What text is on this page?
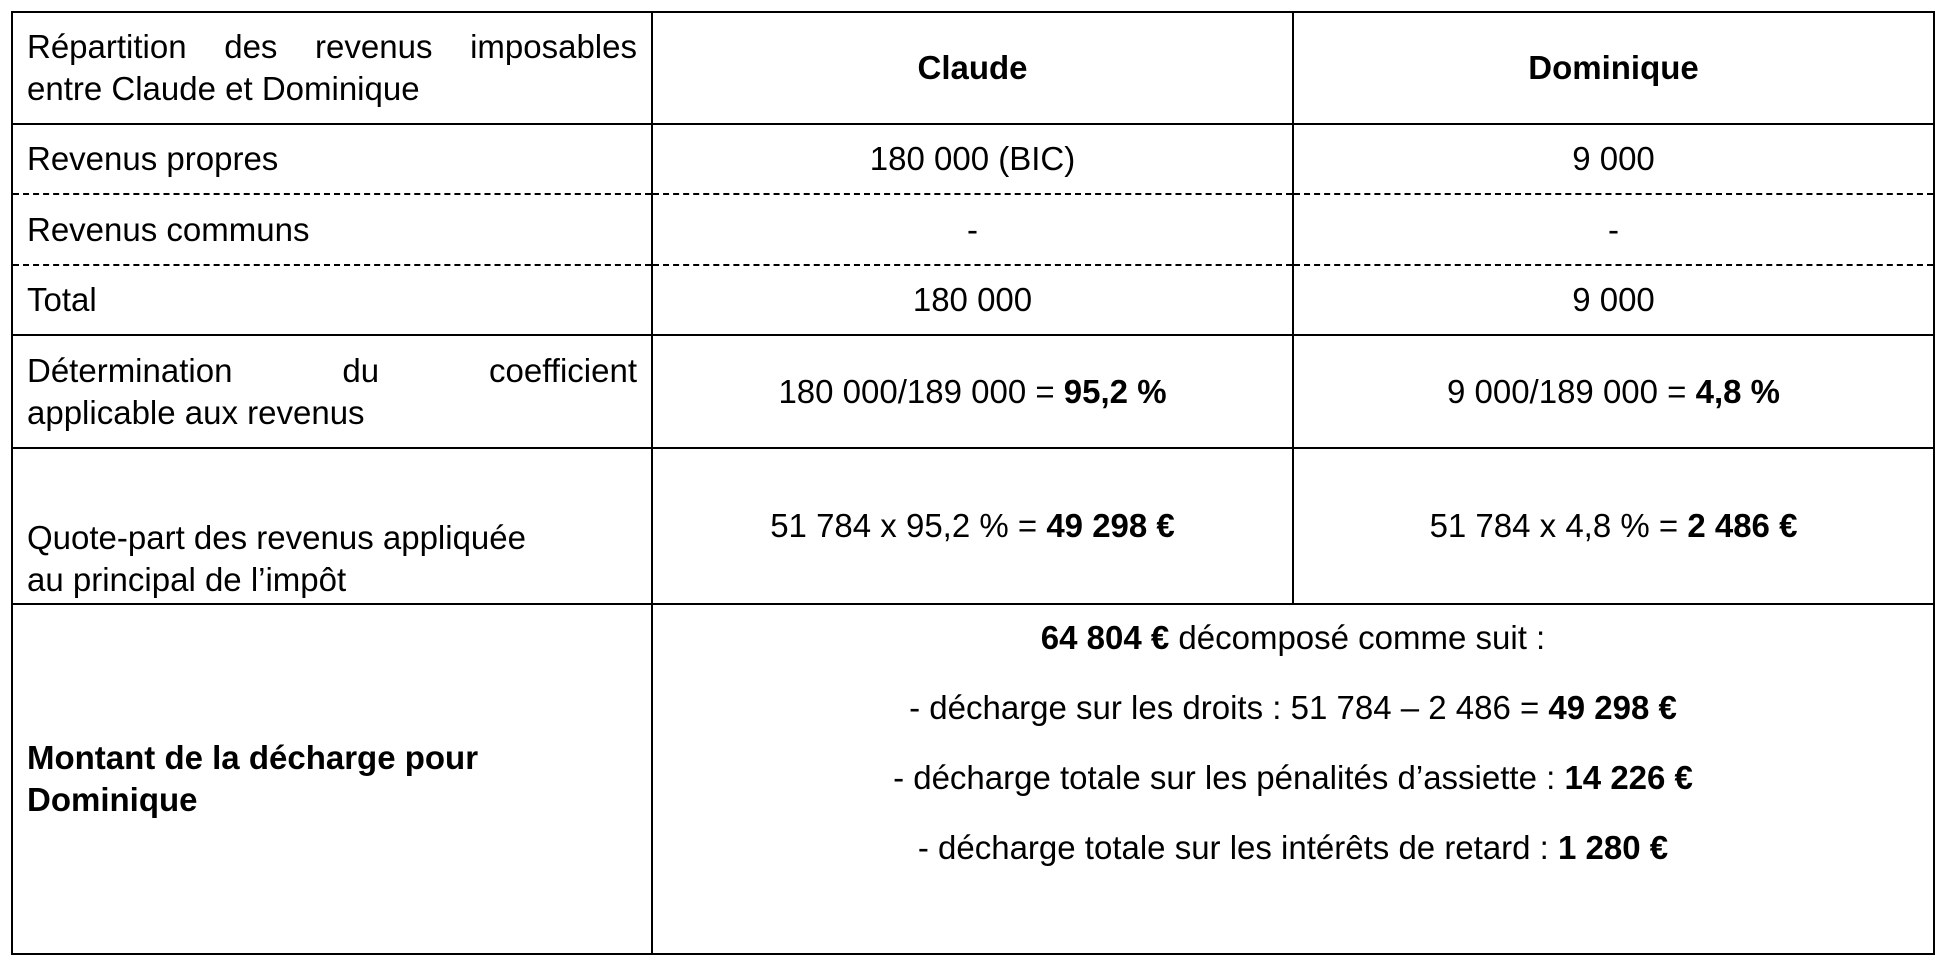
Répartition des revenus imposables
entre Claude et Dominique	Claude	Dominique
Revenus propres	180 000 (BIC)	9 000
Revenus communs	-	-
Total	180 000	9 000

Détermination du coefficient
applicable aux revenus	180 000/189 000 = 95,2 %	9 000/189 000 = 4,8 %

Quote-part des revenus appliquée
au principal de l’impôt	51 784 x 95,2 % = 49 298 €	51 784 x 4,8 % = 2 486 €

Montant de la décharge pour
Dominique	64 804 € décomposé comme suit :
- décharge sur les droits : 51 784 – 2 486 = 49 298 €
- décharge totale sur les pénalités d’assiette : 14 226 €
- décharge totale sur les intérêts de retard : 1 280 €	
